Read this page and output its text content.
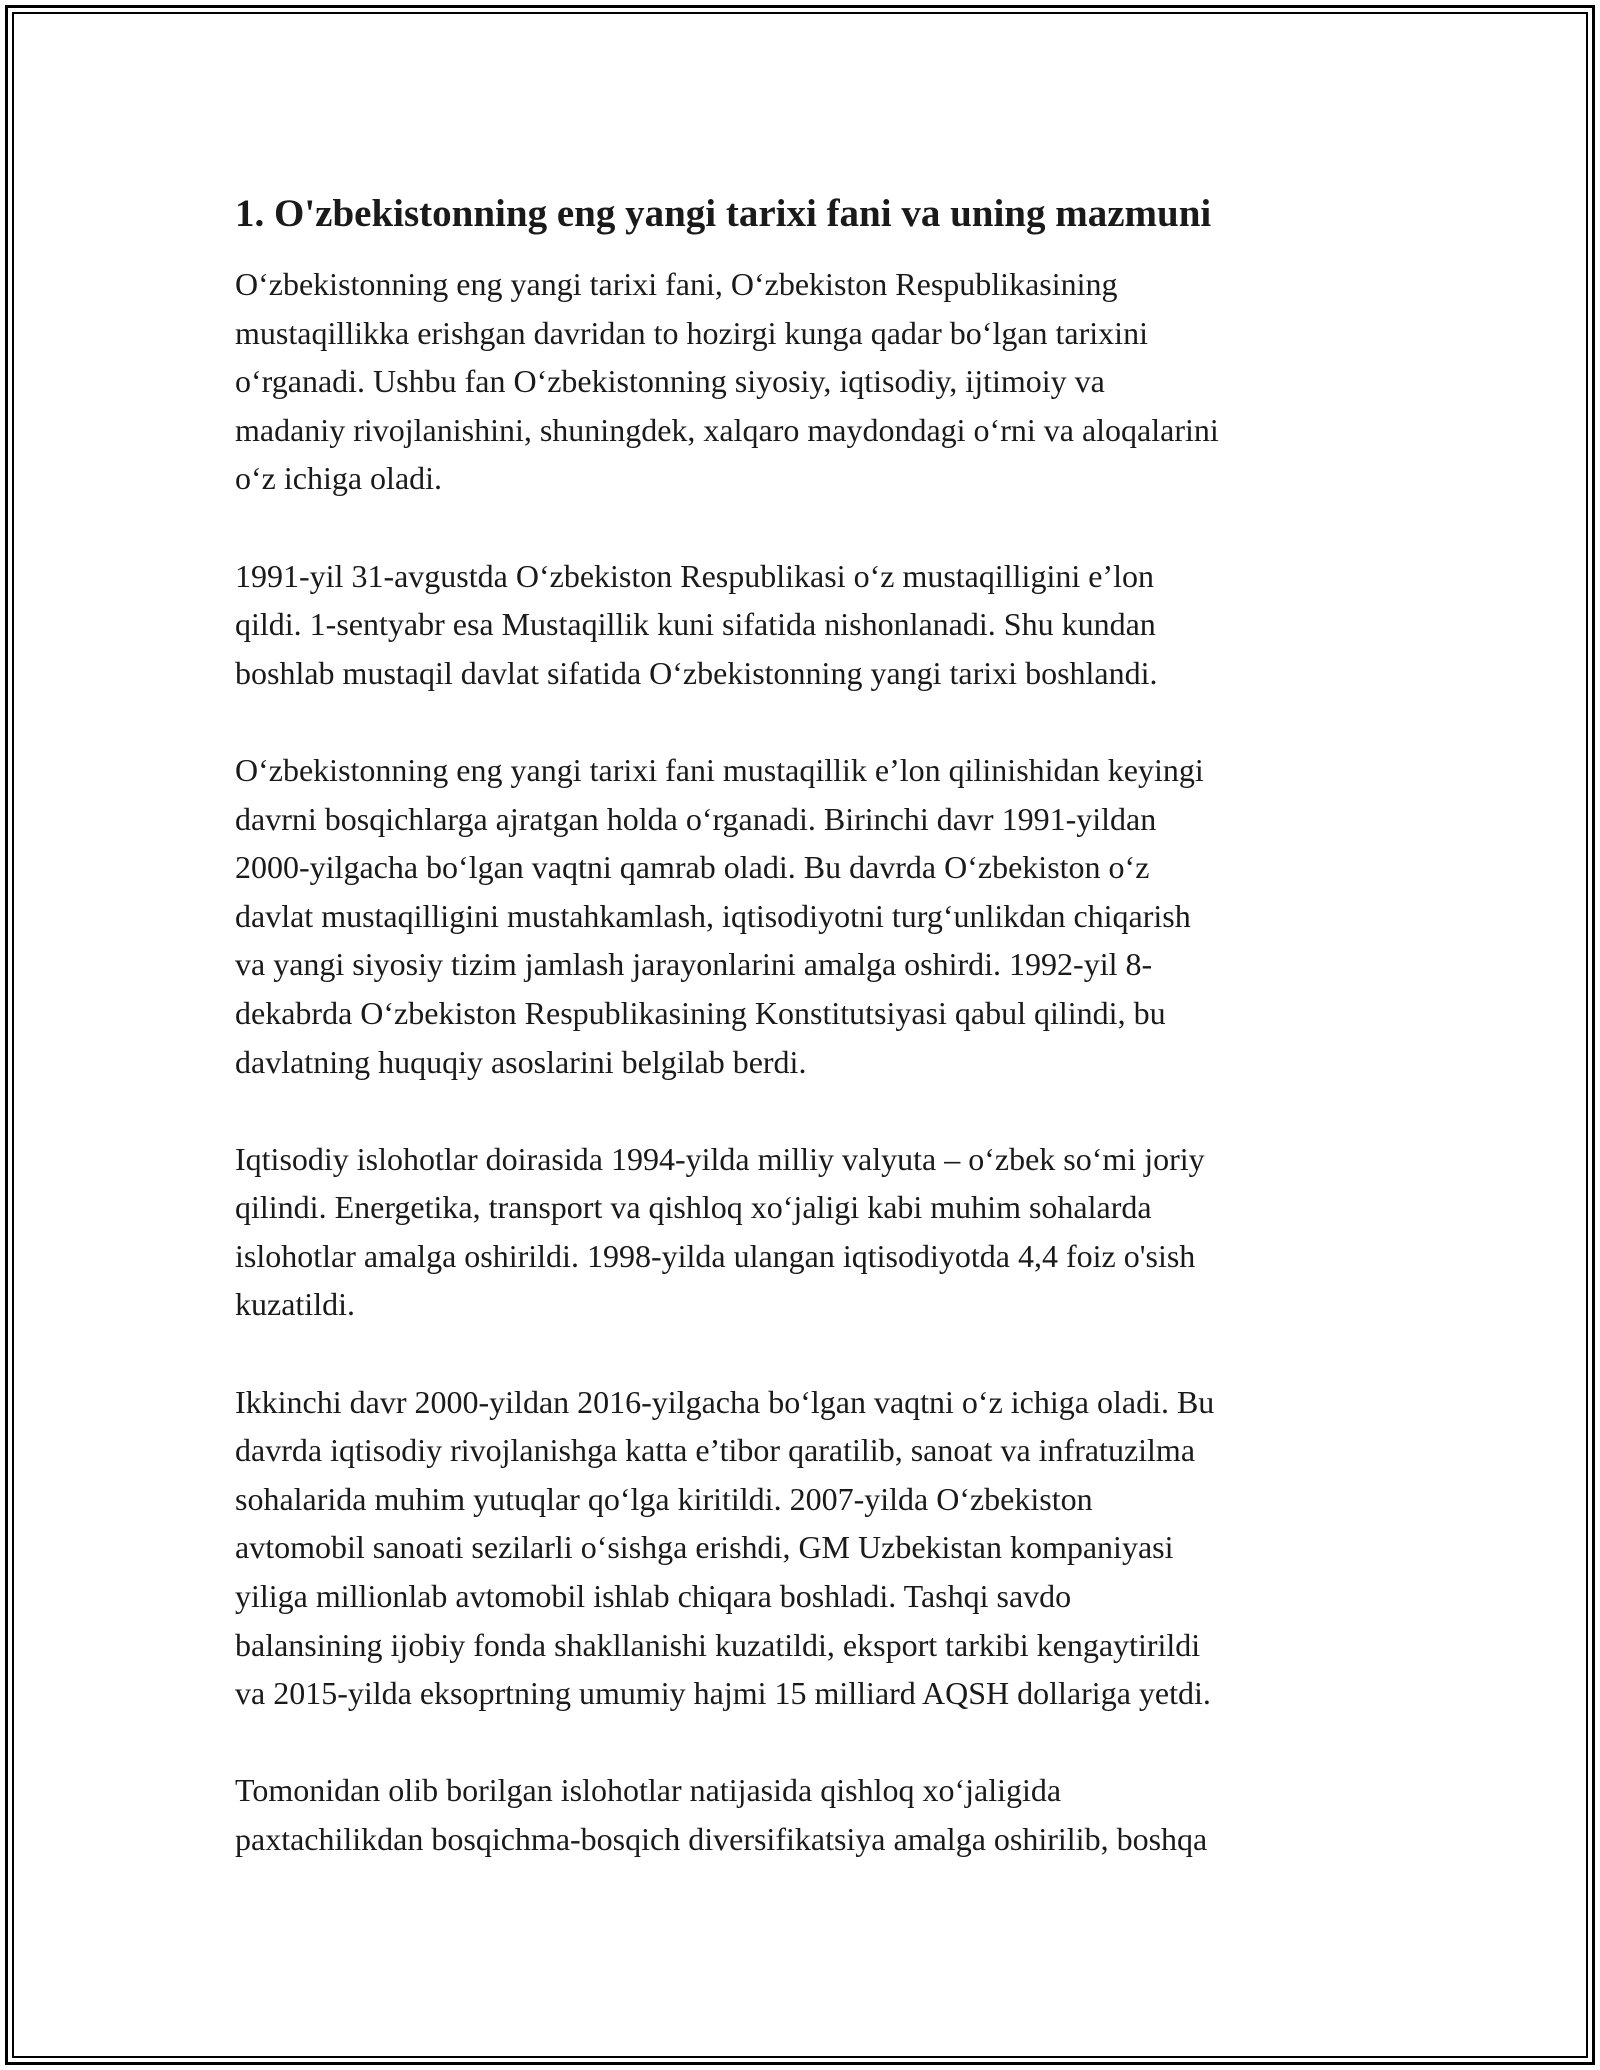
1. O'zbekistonning eng yangi tarixi fani va uning mazmuni

O‘zbekistonning eng yangi tarixi fani, O‘zbekiston Respublikasining
mustaqillikka erishgan davridan to hozirgi kunga qadar bo‘lgan tarixini
o‘rganadi. Ushbu fan O‘zbekistonning siyosiy, iqtisodiy, ijtimoiy va
madaniy rivojlanishini, shuningdek, xalqaro maydondagi o‘rni va aloqalarini
o‘z ichiga oladi.

1991-yil 31-avgustda O‘zbekiston Respublikasi o‘z mustaqilligini e’lon
qildi. 1-sentyabr esa Mustaqillik kuni sifatida nishonlanadi. Shu kundan
boshlab mustaqil davlat sifatida O‘zbekistonning yangi tarixi boshlandi.

O‘zbekistonning eng yangi tarixi fani mustaqillik e’lon qilinishidan keyingi
davrni bosqichlarga ajratgan holda o‘rganadi. Birinchi davr 1991-yildan
2000-yilgacha bo‘lgan vaqtni qamrab oladi. Bu davrda O‘zbekiston o‘z
davlat mustaqilligini mustahkamlash, iqtisodiyotni turg‘unlikdan chiqarish
va yangi siyosiy tizim jamlash jarayonlarini amalga oshirdi. 1992-yil 8-
dekabrda O‘zbekiston Respublikasining Konstitutsiyasi qabul qilindi, bu
davlatning huquqiy asoslarini belgilab berdi.

Iqtisodiy islohotlar doirasida 1994-yilda milliy valyuta – o‘zbek so‘mi joriy
qilindi. Energetika, transport va qishloq xo‘jaligi kabi muhim sohalarda
islohotlar amalga oshirildi. 1998-yilda ulangan iqtisodiyotda 4,4 foiz o'sish
kuzatildi.

Ikkinchi davr 2000-yildan 2016-yilgacha bo‘lgan vaqtni o‘z ichiga oladi. Bu
davrda iqtisodiy rivojlanishga katta e’tibor qaratilib, sanoat va infratuzilma
sohalarida muhim yutuqlar qo‘lga kiritildi. 2007-yilda O‘zbekiston
avtomobil sanoati sezilarli o‘sishga erishdi, GM Uzbekistan kompaniyasi
yiliga millionlab avtomobil ishlab chiqara boshladi. Tashqi savdo
balansining ijobiy fonda shakllanishi kuzatildi, eksport tarkibi kengaytirildi
va 2015-yilda eksoprtning umumiy hajmi 15 milliard AQSH dollariga yetdi.

Tomonidan olib borilgan islohotlar natijasida qishloq xo‘jaligida
paxtachilikdan bosqichma-bosqich diversifikatsiya amalga oshirilib, boshqa
